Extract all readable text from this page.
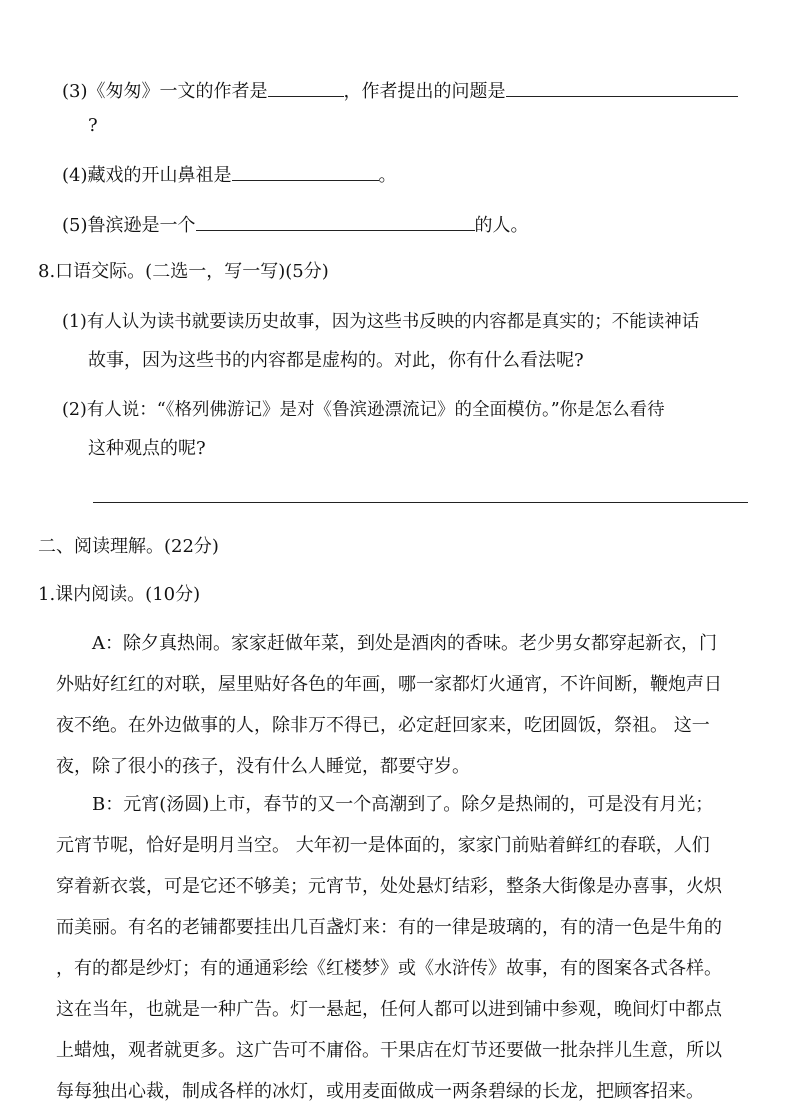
(3)《匆匆》一文的作者是	，作者提出的问题是
?
(4)藏戏的开山鼻祖是	。
(5)鲁滨逊是一个	的人。
8.口语交际。(二选一，写一写)(5分)
(1)有人认为读书就要读历史故事，因为这些书反映的内容都是真实的；不能读神话
故事，因为这些书的内容都是虚构的。对此，你有什么看法呢?
(2)有人说：“《格列佛游记》是对《鲁滨逊漂流记》的全面模仿。”你是怎么看待
这种观点的呢?
二、阅读理解。(22分)
1.课内阅读。(10分)
A：除夕真热闹。家家赶做年菜，到处是酒肉的香味。老少男女都穿起新衣，门
外贴好红红的对联，屋里贴好各色的年画，哪一家都灯火通宵，不许间断，鞭炮声日
夜不绝。在外边做事的人，除非万不得已，必定赶回家来，吃团圆饭，祭祖。 这一
夜，除了很小的孩子，没有什么人睡觉，都要守岁。
B：元宵(汤圆)上市，春节的又一个高潮到了。除夕是热闹的，可是没有月光；
元宵节呢，恰好是明月当空。 大年初一是体面的，家家门前贴着鲜红的春联，人们
穿着新衣裳，可是它还不够美；元宵节，处处悬灯结彩，整条大街像是办喜事，火炽
而美丽。有名的老铺都要挂出几百盏灯来：有的一律是玻璃的，有的清一色是牛角的
，有的都是纱灯；有的通通彩绘《红楼梦》或《水浒传》故事，有的图案各式各样。
这在当年，也就是一种广告。灯一悬起，任何人都可以进到铺中参观，晚间灯中都点
上蜡烛，观者就更多。这广告可不庸俗。干果店在灯节还要做一批杂拌儿生意，所以
每每独出心裁，制成各样的冰灯，或用麦面做成一两条碧绿的长龙，把顾客招来。
